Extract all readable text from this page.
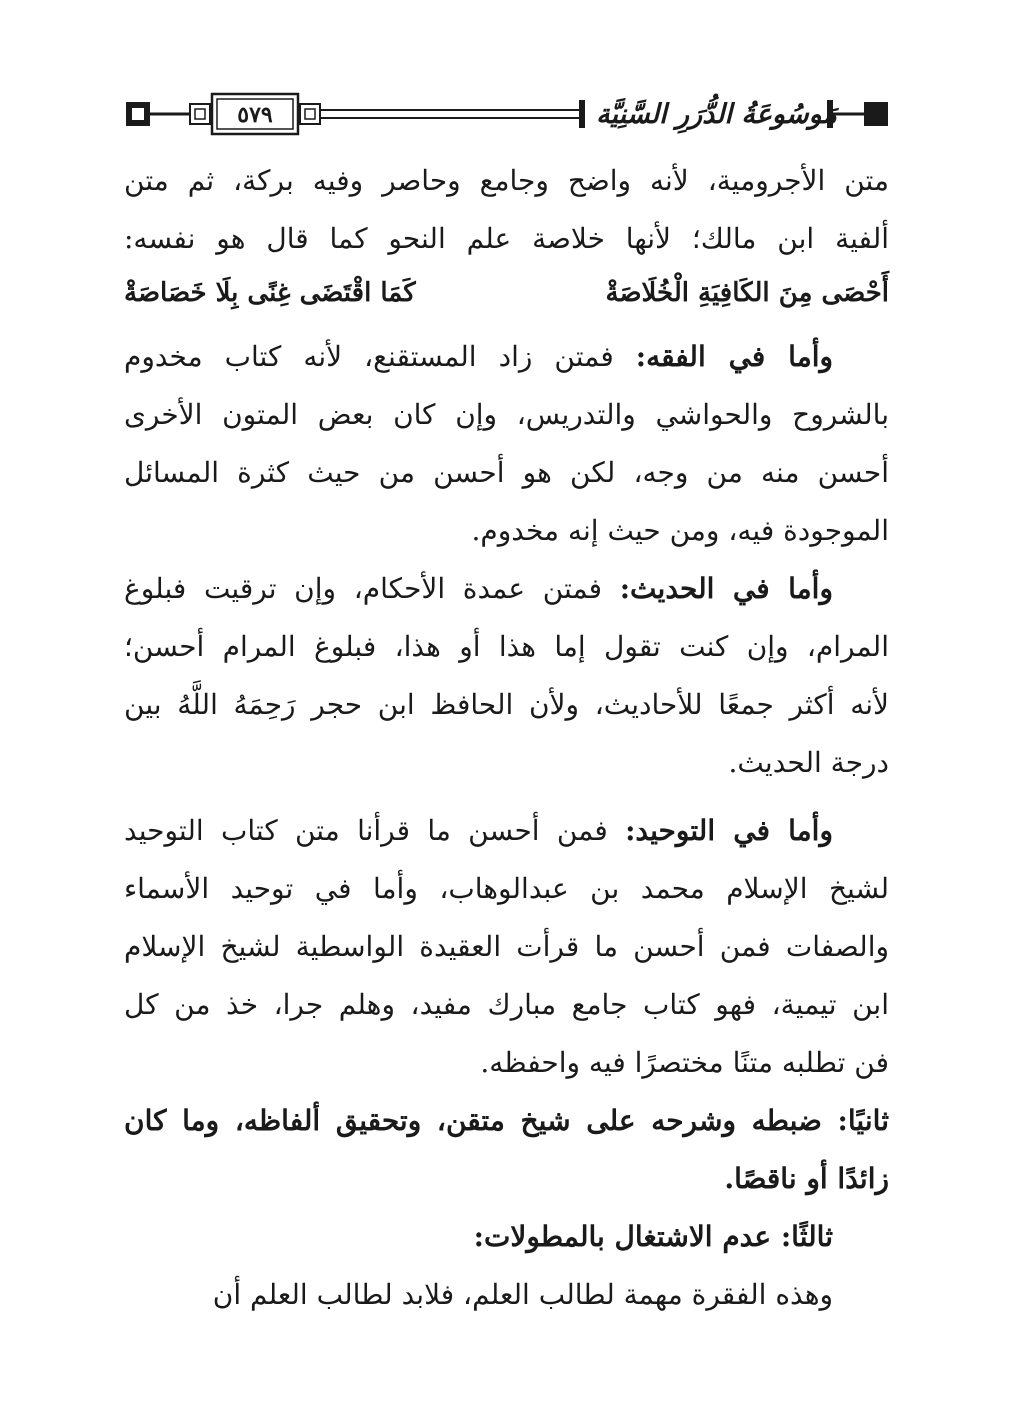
٥٧٩	مَوسُوعَةُ الدُّرَرِ السَّنِيَّة
متن الأجرومية، لأنه واضح وجامع وحاصر وفيه بركة، ثم متن
ألفية ابن مالك؛ لأنها خلاصة علم النحو كما قال هو نفسه:
أَحْصَى مِنَ الكَافِيَةِ الْخُلَاصَةْ
كَمَا اقْتَضَى غِنًى بِلَا خَصَاصَةْ
وأما في الفقه: فمتن زاد المستقنع، لأنه كتاب مخدوم
بالشروح والحواشي والتدريس، وإن كان بعض المتون الأخرى
أحسن منه من وجه، لكن هو أحسن من حيث كثرة المسائل
الموجودة فيه، ومن حيث إنه مخدوم.
وأما في الحديث: فمتن عمدة الأحكام، وإن ترقيت فبلوغ
المرام، وإن كنت تقول إما هذا أو هذا، فبلوغ المرام أحسن؛
لأنه أكثر جمعًا للأحاديث، ولأن الحافظ ابن حجر رَحِمَهُ اللَّهُ بين
درجة الحديث.
وأما في التوحيد: فمن أحسن ما قرأنا متن كتاب التوحيد
لشيخ الإسلام محمد بن عبدالوهاب، وأما في توحيد الأسماء
والصفات فمن أحسن ما قرأت العقيدة الواسطية لشيخ الإسلام
ابن تيمية، فهو كتاب جامع مبارك مفيد، وهلم جرا، خذ من كل
فن تطلبه متنًا مختصرًا فيه واحفظه.
ثانيًا: ضبطه وشرحه على شيخ متقن، وتحقيق ألفاظه، وما كان
زائدًا أو ناقصًا.
ثالثًا: عدم الاشتغال بالمطولات:
وهذه الفقرة مهمة لطالب العلم، فلابد لطالب العلم أن
